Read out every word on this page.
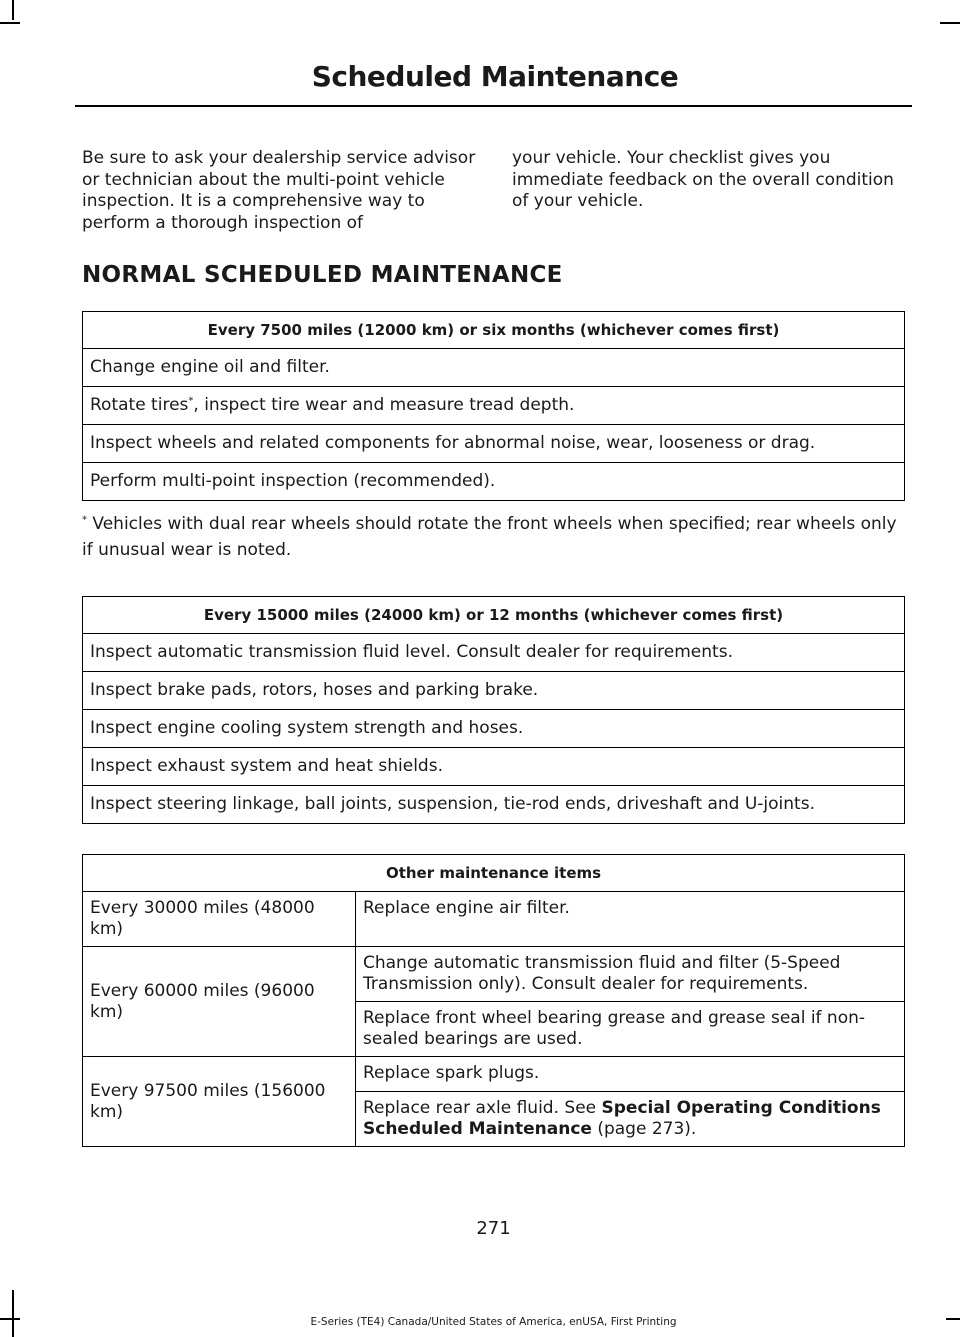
Scheduled Maintenance

Be sure to ask your dealership service advisor or technician about the multi-point vehicle inspection. It is a comprehensive way to perform a thorough inspection of

your vehicle. Your checklist gives you immediate feedback on the overall condition of your vehicle.

NORMAL SCHEDULED MAINTENANCE
Every 7500 miles (12000 km) or six months (whichever comes first)
Change engine oil and filter.
Rotate tires*, inspect tire wear and measure tread depth.
Inspect wheels and related components for abnormal noise, wear, looseness or drag.
Perform multi-point inspection (recommended).

* Vehicles with dual rear wheels should rotate the front wheels when specified; rear wheels only if unusual wear is noted.

Every 15000 miles (24000 km) or 12 months (whichever comes first)
Inspect automatic transmission fluid level. Consult dealer for requirements.
Inspect brake pads, rotors, hoses and parking brake.
Inspect engine cooling system strength and hoses.
Inspect exhaust system and heat shields.
Inspect steering linkage, ball joints, suspension, tie-rod ends, driveshaft and U-joints.
Other maintenance items	
Every 30000 miles (48000 km)	Replace engine air filter.
Every 60000 miles (96000 km)	Change automatic transmission fluid and filter (5-Speed Transmission only). Consult dealer for requirements.
	Replace front wheel bearing grease and grease seal if non-sealed bearings are used.
Every 97500 miles (156000 km)	Replace spark plugs.
	Replace rear axle fluid. See Special Operating Conditions Scheduled Maintenance (page 273).
271
E-Series (TE4) Canada/United States of America, enUSA, First Printing
